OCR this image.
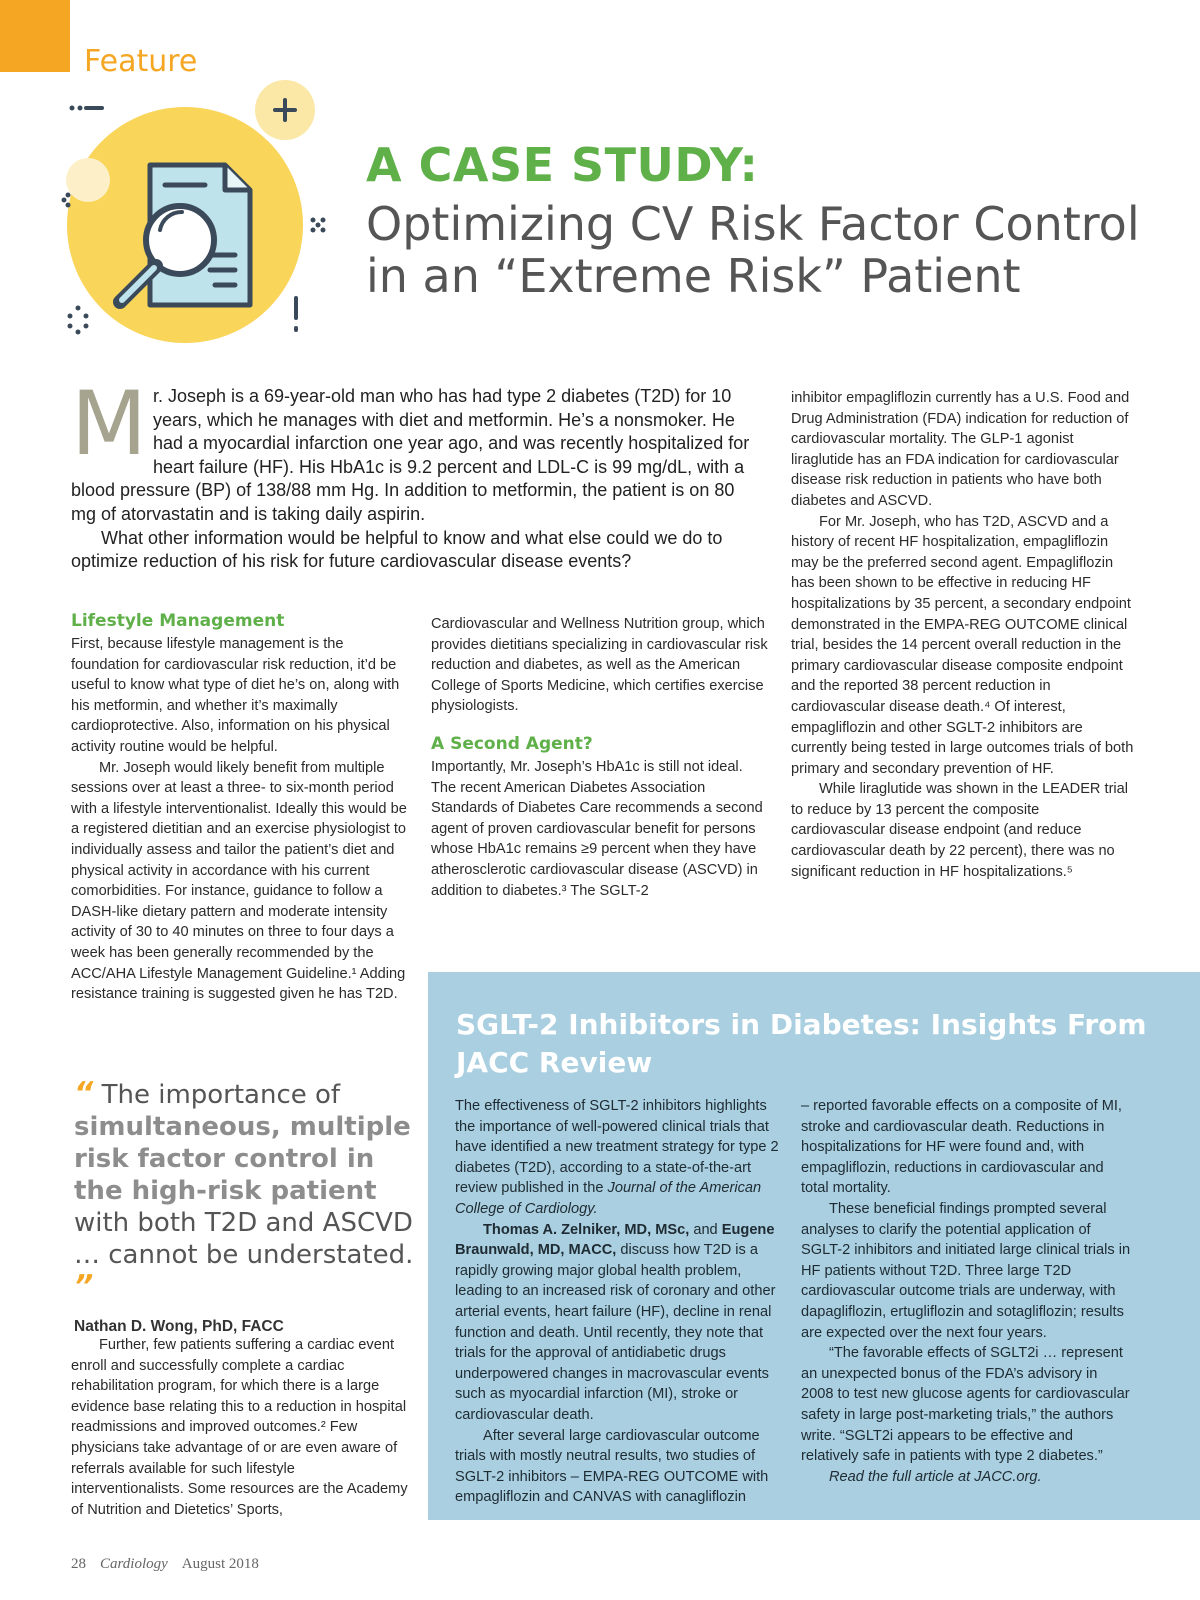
Feature
A CASE STUDY:
Optimizing CV Risk Factor Control
in an “Extreme Risk” Patient
M r. Joseph is a 69-year-old man who has had type 2 diabetes (T2D) for 10 years, which he manages with diet and metformin. He’s a nonsmoker. He had a myocardial infarction one year ago, and was recently hospitalized for heart failure (HF). His HbA1c is 9.2 percent and LDL-C is 99 mg/dL, with a blood pressure (BP) of 138/88 mm Hg. In addition to metformin, the patient is on 80 mg of atorvastatin and is taking daily aspirin.

What other information would be helpful to know and what else could we do to optimize reduction of his risk for future cardiovascular disease events?

Lifestyle Management

First, because lifestyle management is the foundation for cardiovascular risk reduction, it’d be useful to know what type of diet he’s on, along with his metformin, and whether it’s maximally cardioprotective. Also, information on his physical activity routine would be helpful.

Mr. Joseph would likely benefit from multiple sessions over at least a three- to six-month period with a lifestyle interventionalist. Ideally this would be a registered dietitian and an exercise physiologist to individually assess and tailor the patient’s diet and physical activity in accordance with his current comorbidities. For instance, guidance to follow a DASH-like dietary pattern and moderate intensity activity of 30 to 40 minutes on three to four days a week has been generally recommended by the ACC/AHA Lifestyle Management Guideline.¹ Adding resistance training is suggested given he has T2D.

“ The importance of simultaneous, multiple risk factor control in the high-risk patient with both T2D and ASCVD … cannot be understated. ”
Nathan D. Wong, PhD, FACC

Further, few patients suffering a cardiac event enroll and successfully complete a cardiac rehabilitation program, for which there is a large evidence base relating this to a reduction in hospital readmissions and improved outcomes.² Few physicians take advantage of or are even aware of referrals available for such lifestyle interventionalists. Some resources are the Academy of Nutrition and Dietetics’ Sports,

Cardiovascular and Wellness Nutrition group, which provides dietitians specializing in cardiovascular risk reduction and diabetes, as well as the American College of Sports Medicine, which certifies exercise physiologists.

A Second Agent?

Importantly, Mr. Joseph’s HbA1c is still not ideal. The recent American Diabetes Association Standards of Diabetes Care recommends a second agent of proven cardiovascular benefit for persons whose HbA1c remains ≥9 percent when they have atherosclerotic cardiovascular disease (ASCVD) in addition to diabetes.³ The SGLT-2

inhibitor empagliflozin currently has a U.S. Food and Drug Administration (FDA) indication for reduction of cardiovascular mortality. The GLP-1 agonist liraglutide has an FDA indication for cardiovascular disease risk reduction in patients who have both diabetes and ASCVD.

For Mr. Joseph, who has T2D, ASCVD and a history of recent HF hospitalization, empagliflozin may be the preferred second agent. Empagliflozin has been shown to be effective in reducing HF hospitalizations by 35 percent, a secondary endpoint demonstrated in the EMPA-REG OUTCOME clinical trial, besides the 14 percent overall reduction in the primary cardiovascular disease composite endpoint and the reported 38 percent reduction in cardiovascular disease death.⁴ Of interest, empagliflozin and other SGLT-2 inhibitors are currently being tested in large outcomes trials of both primary and secondary prevention of HF.

While liraglutide was shown in the LEADER trial to reduce by 13 percent the composite cardiovascular disease endpoint (and reduce cardiovascular death by 22 percent), there was no significant reduction in HF hospitalizations.⁵

SGLT-2 Inhibitors in Diabetes: Insights From JACC Review

The effectiveness of SGLT-2 inhibitors highlights the importance of well-powered clinical trials that have identified a new treatment strategy for type 2 diabetes (T2D), according to a state-of-the-art review published in the Journal of the American College of Cardiology.

Thomas A. Zelniker, MD, MSc, and Eugene Braunwald, MD, MACC, discuss how T2D is a rapidly growing major global health problem, leading to an increased risk of coronary and other arterial events, heart failure (HF), decline in renal function and death. Until recently, they note that trials for the approval of antidiabetic drugs underpowered changes in macrovascular events such as myocardial infarction (MI), stroke or cardiovascular death.

After several large cardiovascular outcome trials with mostly neutral results, two studies of SGLT-2 inhibitors – EMPA-REG OUTCOME with empagliflozin and CANVAS with canagliflozin

– reported favorable effects on a composite of MI, stroke and cardiovascular death. Reductions in hospitalizations for HF were found and, with empagliflozin, reductions in cardiovascular and total mortality.

These beneficial findings prompted several analyses to clarify the potential application of SGLT-2 inhibitors and initiated large clinical trials in HF patients without T2D. Three large T2D cardiovascular outcome trials are underway, with dapagliflozin, ertugliflozin and sotagliflozin; results are expected over the next four years.

“The favorable effects of SGLT2i … represent an unexpected bonus of the FDA’s advisory in 2008 to test new glucose agents for cardiovascular safety in large post-marketing trials,” the authors write. “SGLT2i appears to be effective and relatively safe in patients with type 2 diabetes.”

Read the full article at JACC.org.

28 Cardiology August 2018
